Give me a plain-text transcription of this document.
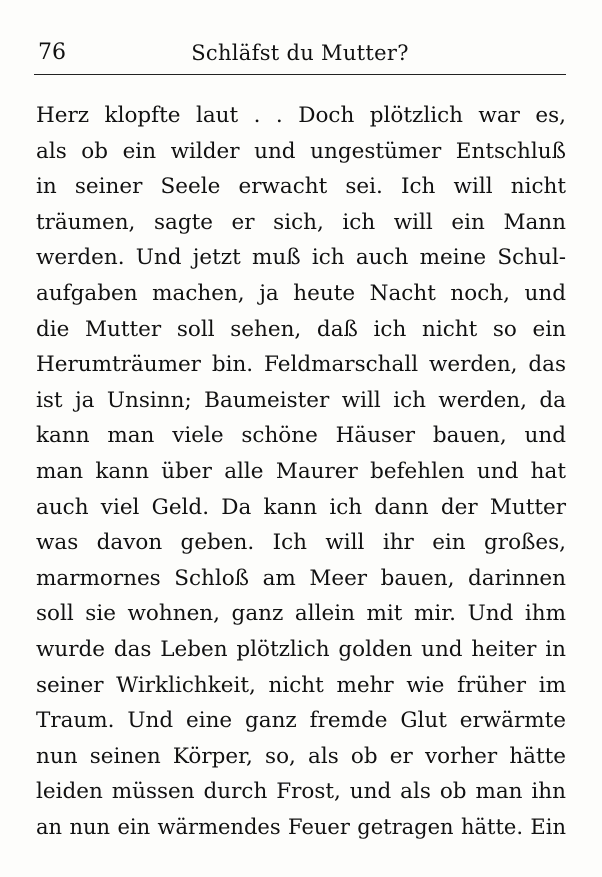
76	Schläfst du Mutter?
Herz klopfte laut . . Doch plötzlich war es,
als ob ein wilder und ungestümer Entschluß
in seiner Seele erwacht sei. Ich will nicht
träumen, sagte er sich, ich will ein Mann
werden. Und jetzt muß ich auch meine Schul-
aufgaben machen, ja heute Nacht noch, und
die Mutter soll sehen, daß ich nicht so ein
Herumträumer bin. Feldmarschall werden, das
ist ja Unsinn; Baumeister will ich werden, da
kann man viele schöne Häuser bauen, und
man kann über alle Maurer befehlen und hat
auch viel Geld. Da kann ich dann der Mutter
was davon geben. Ich will ihr ein großes,
marmornes Schloß am Meer bauen, darinnen
soll sie wohnen, ganz allein mit mir. Und ihm
wurde das Leben plötzlich golden und heiter in
seiner Wirklichkeit, nicht mehr wie früher im
Traum. Und eine ganz fremde Glut erwärmte
nun seinen Körper, so, als ob er vorher hätte
leiden müssen durch Frost, und als ob man ihn
an nun ein wärmendes Feuer getragen hätte. Ein
